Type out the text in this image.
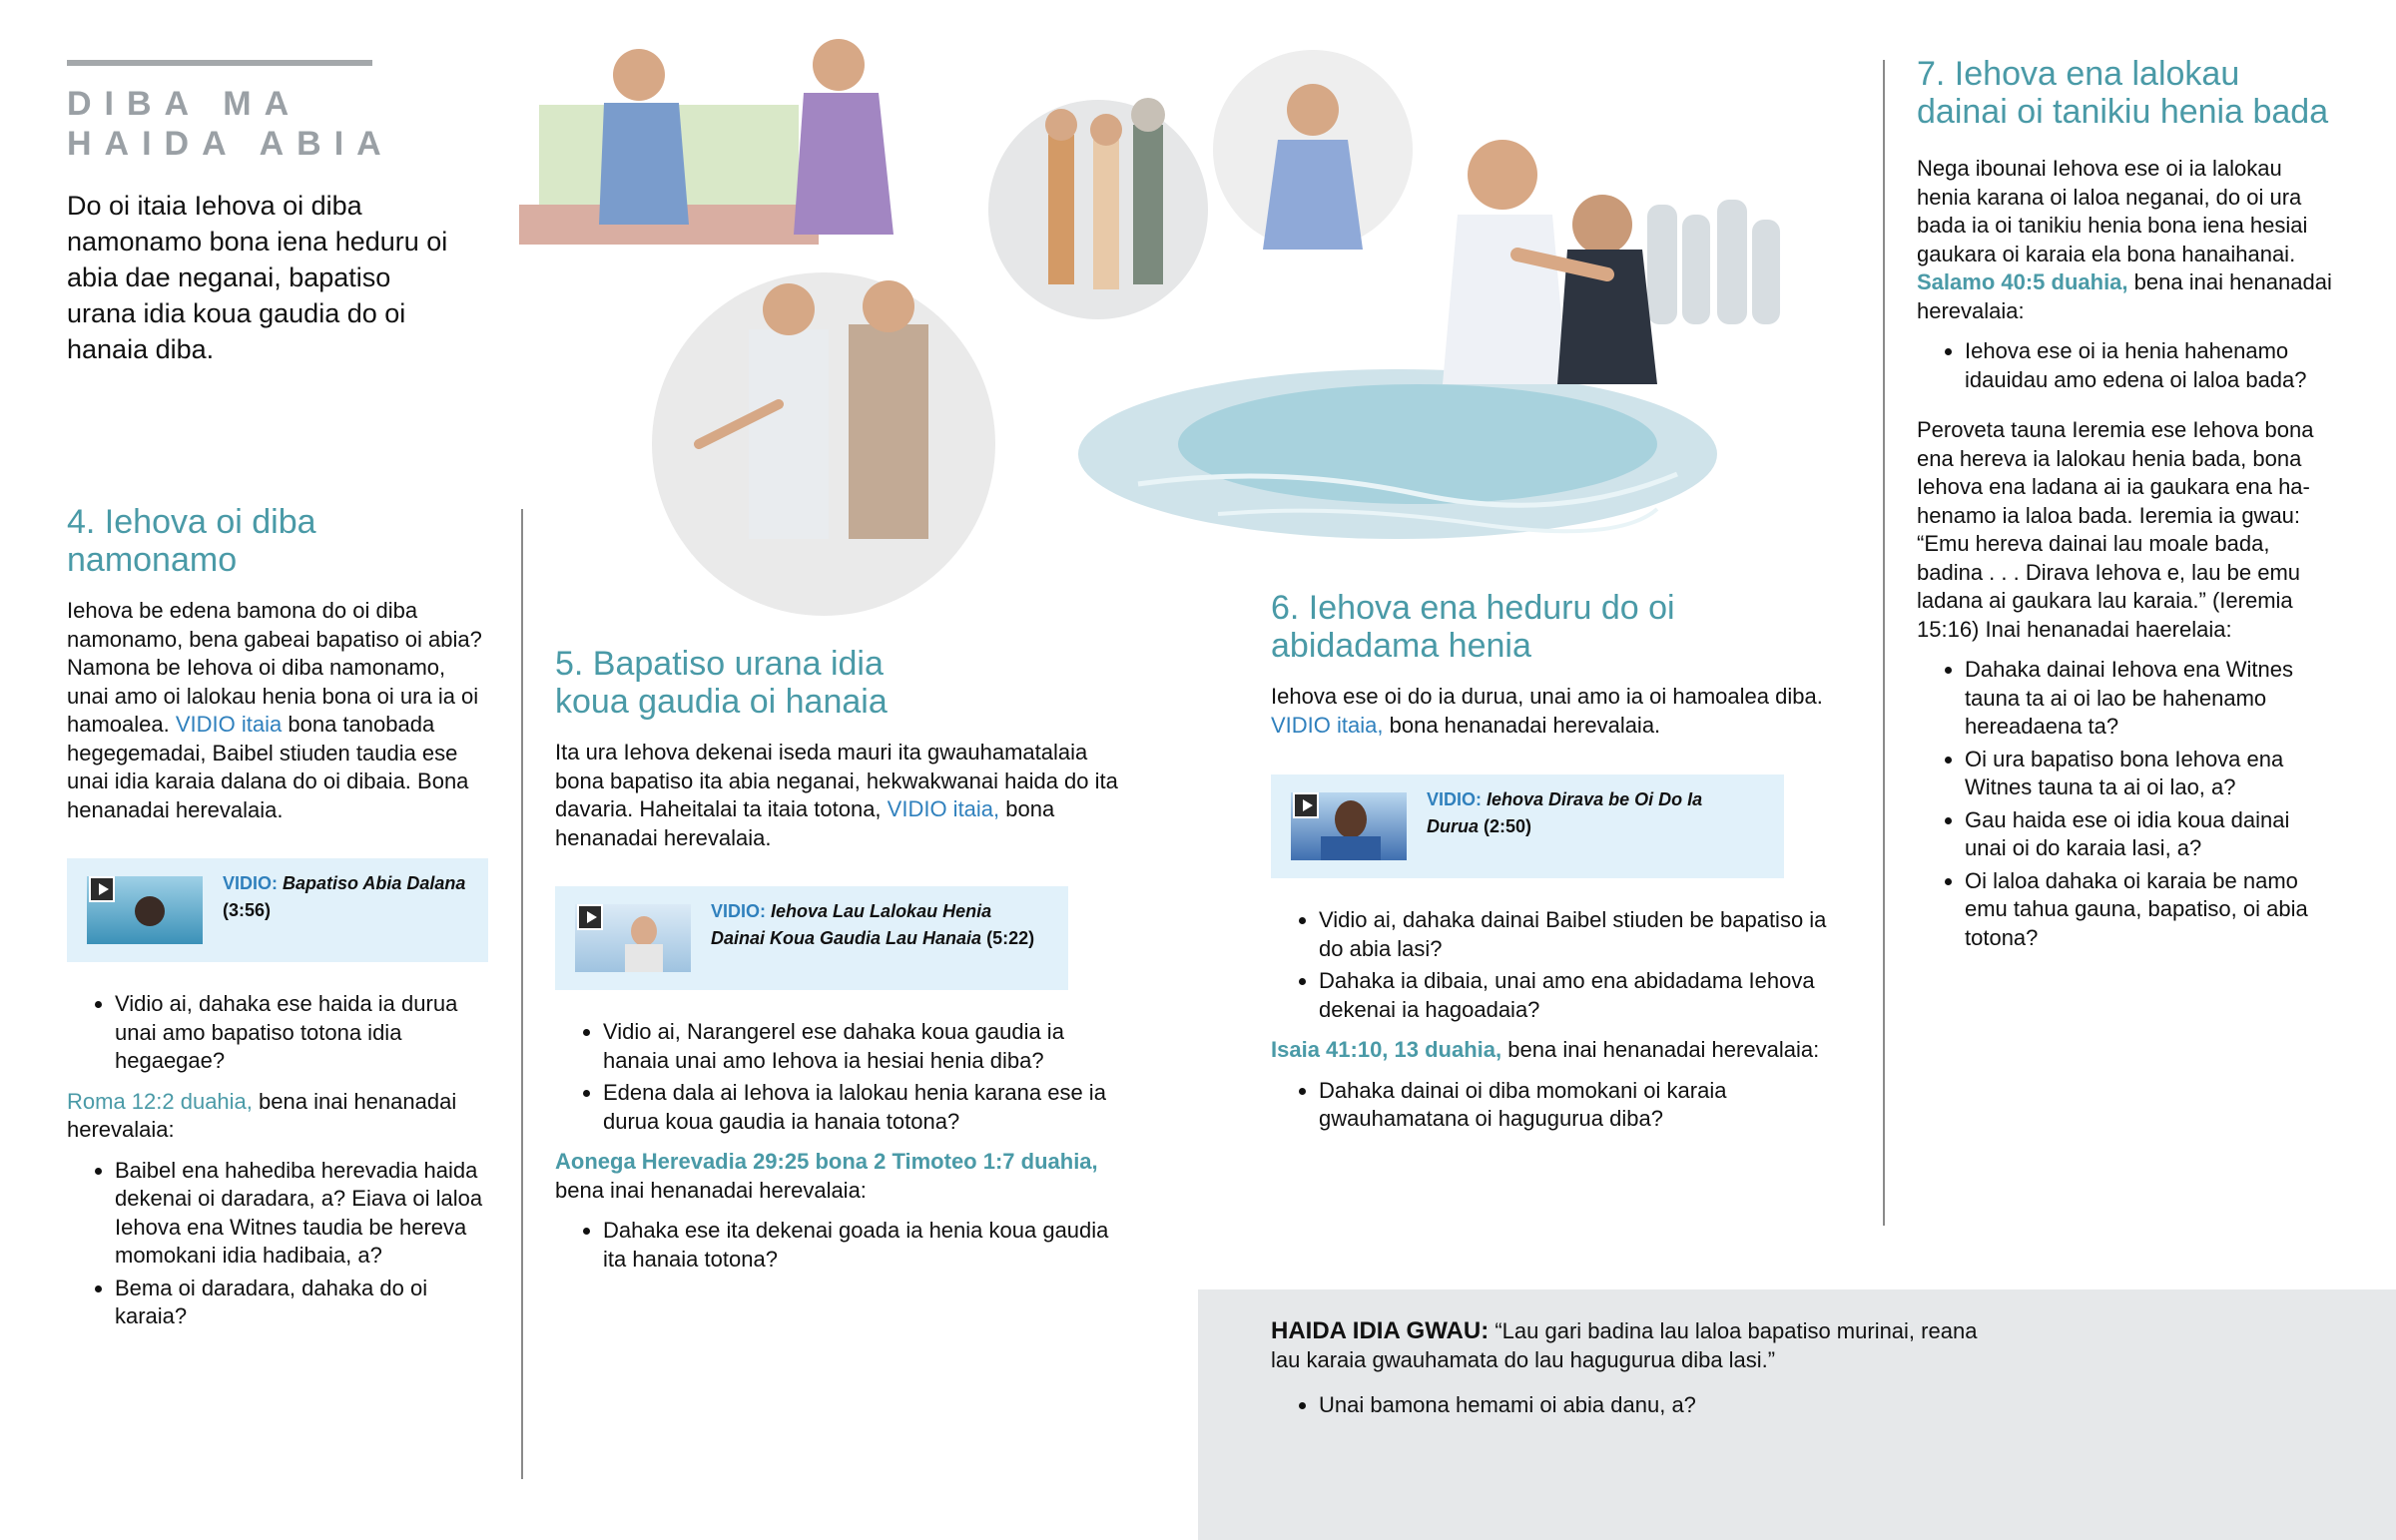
DIBA MA
HAIDA ABIA

Do oi itaia Iehova oi diba namonamo bona iena heduru oi abia dae neganai, bapatiso urana idia koua gaudia do oi hanaia diba.

4. Iehova oi diba namonamo

Iehova be edena bamona do oi diba namonamo, bena gabeai bapatiso oi abia? Namona be Iehova oi diba namonamo, unai amo oi lalokau henia bona oi ura ia oi hamoalea. VIDIO itaia bona tanobada hegegemadai, Baibel stiuden taudia ese unai idia karaia dalana do oi dibaia. Bona henanadai herevalaia.

VIDIO: Bapatiso Abia Dalana (3:56)
• Vidio ai, dahaka ese haida ia durua unai amo bapatiso totona idia hegaegae?

Roma 12:2 duahia, bena inai henanadai herevalaia:

• Baibel ena hahediba herevadia haida dekenai oi daradara, a? Eiava oi laloa Iehova ena Witnes taudia be hereva momokani idia hadibaia, a?
• Bema oi daradara, dahaka do oi karaia?
5. Bapatiso urana idia koua gaudia oi hanaia

Ita ura Iehova dekenai iseda mauri ita gwauhamatalaia bona bapatiso ita abia neganai, hekwakwanai haida do ita davaria. Haheitalai ta itaia totona, VIDIO itaia, bona henanadai herevalaia.

VIDIO: Iehova Lau Lalokau Henia Dainai Koua Gaudia Lau Hanaia (5:22)
• Vidio ai, Narangerel ese dahaka koua gaudia ia hanaia unai amo Iehova ia hesiai henia diba?
• Edena dala ai Iehova ia lalokau henia karana ese ia durua koua gaudia ia hanaia totona?

Aonega Herevadia 29:25 bona 2 Timoteo 1:7 duahia, bena inai henanadai herevalaia:

• Dahaka ese ita dekenai goada ia henia koua gaudia ita hanaia totona?
6. Iehova ena heduru do oi abidadama henia

Iehova ese oi do ia durua, unai amo ia oi hamoalea diba. VIDIO itaia, bona henanadai herevalaia.

VIDIO: Iehova Dirava be Oi Do Ia Durua (2:50)
• Vidio ai, dahaka dainai Baibel stiuden be bapatiso ia do abia lasi?
• Dahaka ia dibaia, unai amo ena abidadama Iehova dekenai ia hagoadaia?

Isaia 41:10, 13 duahia, bena inai henanadai herevalaia:

• Dahaka dainai oi diba momokani oi karaia gwauhamatana oi hagugurua diba?
7. Iehova ena lalokau dainai oi tanikiu henia bada

Nega ibounai Iehova ese oi ia lalokau henia karana oi laloa neganai, do oi ura bada ia oi tanikiu henia bona iena hesiai gaukara oi karaia ela bona hanaihanai. Salamo 40:5 duahia, bena inai henanadai herevalaia:

• Iehova ese oi ia henia hahenamo idauidau amo edena oi laloa bada?

Peroveta tauna Ieremia ese Iehova bona ena hereva ia lalokau henia bada, bona Iehova ena ladana ai ia gaukara ena hahenamo ia laloa bada. Ieremia ia gwau: “Emu hereva dainai lau moale bada, badina . . . Dirava Iehova e, lau be emu ladana ai gaukara lau karaia.” (Ieremia 15:16) Inai henanadai haerelaia:

• Dahaka dainai Iehova ena Witnes tauna ta ai oi lao be hahenamo hereadaena ta?
• Oi ura bapatiso bona Iehova ena Witnes tauna ta ai oi lao, a?
• Gau haida ese oi idia koua dainai unai oi do karaia lasi, a?
• Oi laloa dahaka oi karaia be namo emu tahua gauna, bapatiso, oi abia totona?

HAIDA IDIA GWAU: “Lau gari badina lau laloa bapatiso murinai, reana lau karaia gwauhamata do lau hagugurua diba lasi.”

• Unai bamona hemami oi abia danu, a?
